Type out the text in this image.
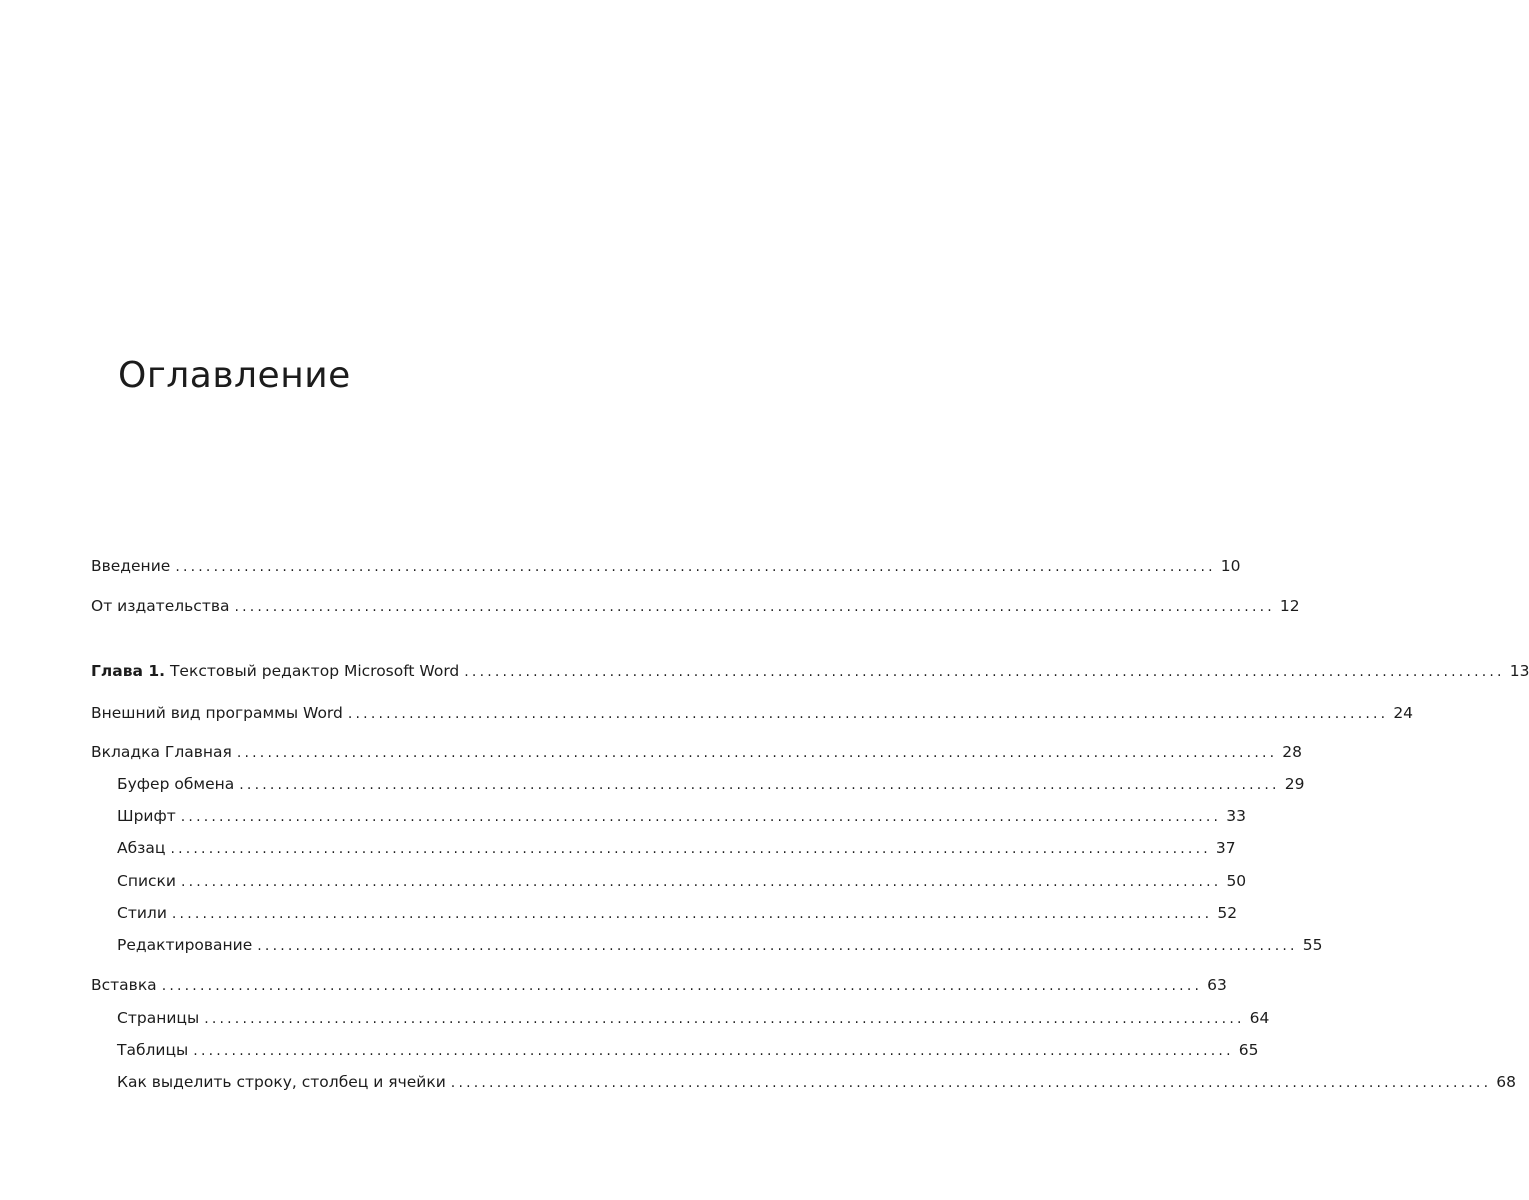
Оглавление
Введение ........................................................................................................................................ 10
От издательства ........................................................................................................................................ 12
Глава 1. Текстовый редактор Microsoft Word ........................................................................................................................................ 13
Внешний вид программы Word ........................................................................................................................................ 24
Вкладка Главная ........................................................................................................................................ 28
Буфер обмена ........................................................................................................................................ 29
Шрифт ........................................................................................................................................ 33
Абзац ........................................................................................................................................ 37
Списки ........................................................................................................................................ 50
Стили ........................................................................................................................................ 52
Редактирование ........................................................................................................................................ 55
Вставка ........................................................................................................................................ 63
Страницы ........................................................................................................................................ 64
Таблицы ........................................................................................................................................ 65
Как выделить строку, столбец и ячейки ........................................................................................................................................ 68
